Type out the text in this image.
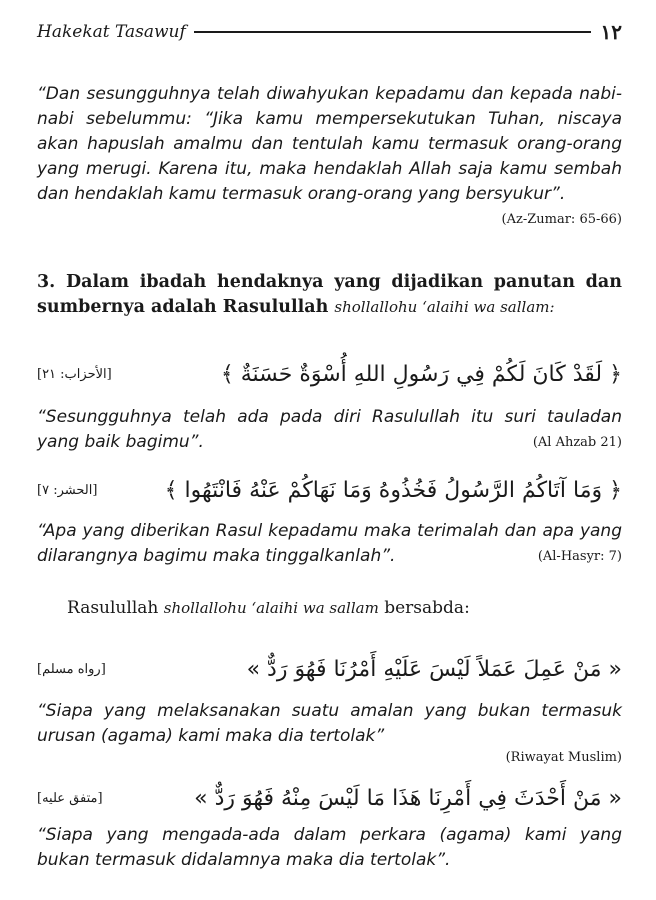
Hakekat Tasawuf	١٢

“Dan sesungguhnya telah diwahyukan kepadamu dan kepada nabi-nabi sebelummu: “Jika kamu mempersekutukan Tuhan, niscaya akan hapuslah amalmu dan tentulah kamu termasuk orang-orang yang merugi. Karena itu, maka hendaklah Allah saja kamu sembah dan hendaklah kamu termasuk orang-orang yang bersyukur”.
(Az-Zumar: 65-66)

3. Dalam ibadah hendaknya yang dijadikan panutan dan sumbernya adalah Rasulullah shollallohu ‘alaihi wa sallam:

[الأحزاب: ٢١]	﴿ لَقَدْ كَانَ لَكُمْ فِي رَسُولِ اللهِ أُسْوَةٌ حَسَنَةٌ ﴾

“Sesungguhnya telah ada pada diri Rasulullah itu suri tauladan yang baik bagimu”.	(Al Ahzab 21)

[الحشر: ٧]	﴿ وَمَا آتَاكُمُ الرَّسُولُ فَخُذُوهُ وَمَا نَهَاكُمْ عَنْهُ فَانْتَهُوا ﴾

“Apa yang diberikan Rasul kepadamu maka terimalah dan apa yang dilarangnya bagimu maka tinggalkanlah”.	(Al-Hasyr: 7)

Rasulullah shollallohu ‘alaihi wa sallam bersabda:

[رواه مسلم]	« مَنْ عَمِلَ عَمَلاً لَيْسَ عَلَيْهِ أَمْرُنَا فَهُوَ رَدٌّ »

“Siapa yang melaksanakan suatu amalan yang bukan termasuk urusan (agama) kami maka dia tertolak”

(Riwayat Muslim)
[متفق عليه]	« مَنْ أَحْدَثَ فِي أَمْرِنَا هَذَا مَا لَيْسَ مِنْهُ فَهُوَ رَدٌّ »

“Siapa yang mengada-ada dalam perkara (agama) kami yang bukan termasuk didalamnya maka dia tertolak”.
